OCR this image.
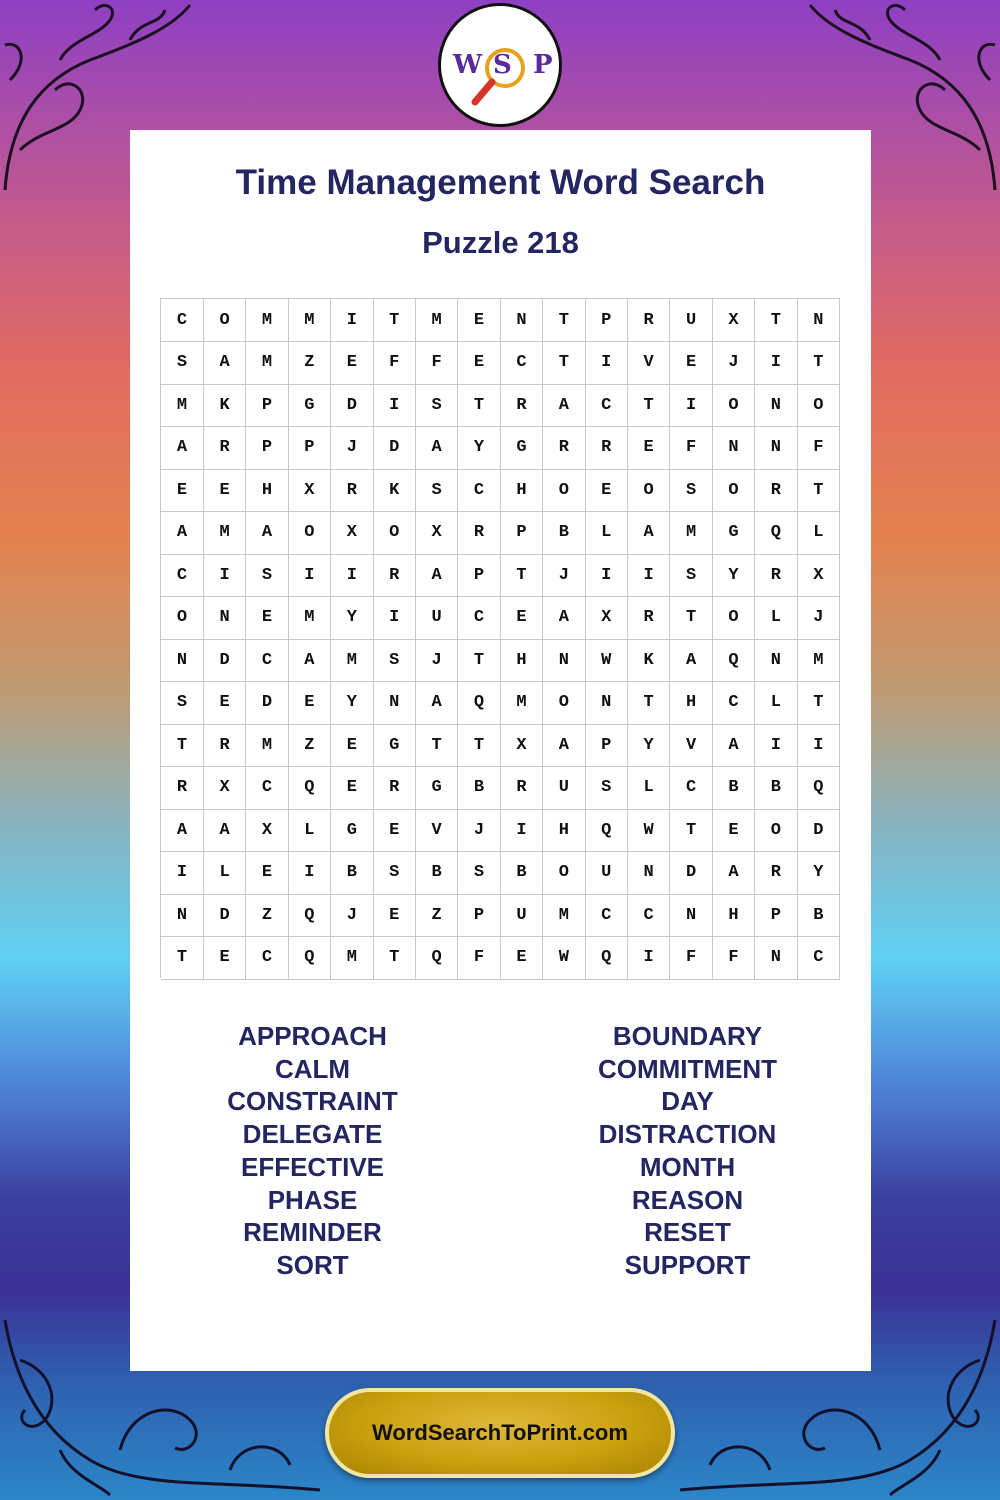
W S P
Time Management Word Search
Puzzle 218
C	O	M	M	I	T	M	E	N	T	P	R	U	X	T	N
S	A	M	Z	E	F	F	E	C	T	I	V	E	J	I	T
M	K	P	G	D	I	S	T	R	A	C	T	I	O	N	O
A	R	P	P	J	D	A	Y	G	R	R	E	F	N	N	F
E	E	H	X	R	K	S	C	H	O	E	O	S	O	R	T
A	M	A	O	X	O	X	R	P	B	L	A	M	G	Q	L
C	I	S	I	I	R	A	P	T	J	I	I	S	Y	R	X
O	N	E	M	Y	I	U	C	E	A	X	R	T	O	L	J
N	D	C	A	M	S	J	T	H	N	W	K	A	Q	N	M
S	E	D	E	Y	N	A	Q	M	O	N	T	H	C	L	T
T	R	M	Z	E	G	T	T	X	A	P	Y	V	A	I	I
R	X	C	Q	E	R	G	B	R	U	S	L	C	B	B	Q
A	A	X	L	G	E	V	J	I	H	Q	W	T	E	O	D
I	L	E	I	B	S	B	S	B	O	U	N	D	A	R	Y
N	D	Z	Q	J	E	Z	P	U	M	C	C	N	H	P	B
T	E	C	Q	M	T	Q	F	E	W	Q	I	F	F	N	C
APPROACH
CALM
CONSTRAINT
DELEGATE
EFFECTIVE
PHASE
REMINDER
SORT
BOUNDARY
COMMITMENT
DAY
DISTRACTION
MONTH
REASON
RESET
SUPPORT
WordSearchToPrint.com
